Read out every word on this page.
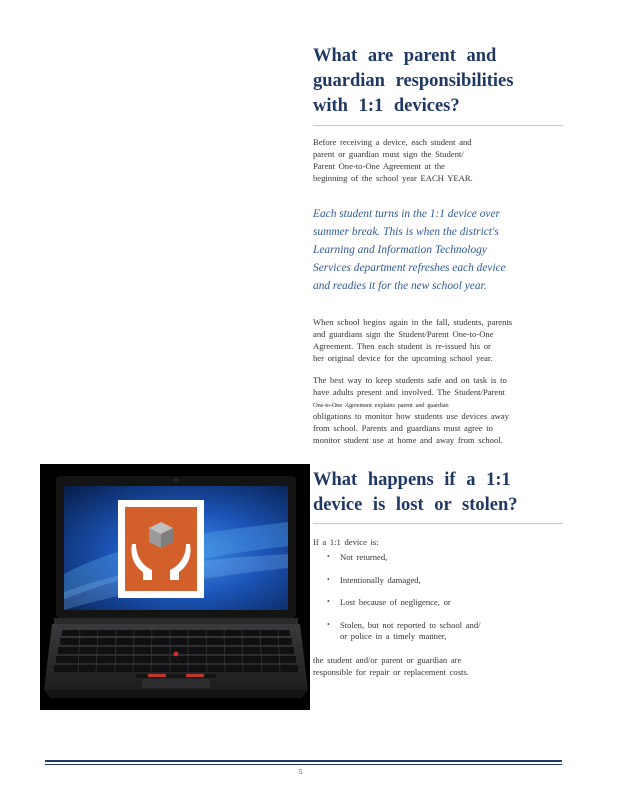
What are parent and
guardian responsibilities
with 1:1 devices?

Before receiving a device, each student and
parent or guardian must sign the Student/
Parent One-to-One Agreement at the
beginning of the school year EACH YEAR.

Each student turns in the 1:1 device over
summer break. This is when the district's
Learning and Information Technology
Services department refreshes each device
and readies it for the new school year.

When school begins again in the fall, students, parents
and guardians sign the Student/Parent One-to-One
Agreement. Then each student is re-issued his or
her original device for the upcoming school year.

The best way to keep students safe and on task is to
have adults present and involved. The Student/Parent
One-to-One Agreement explains parent and guardian
obligations to monitor how students use devices away
from school. Parents and guardians must agree to
monitor student use at home and away from school.

What happens if a 1:1
device is lost or stolen?

If a 1:1 device is:

• Not returned,
• Intentionally damaged,
• Lost because of negligence, or
• Stolen, but not reported to school and/
or police in a timely manner,

the student and/or parent or guardian are
responsible for repair or replacement costs.

5
